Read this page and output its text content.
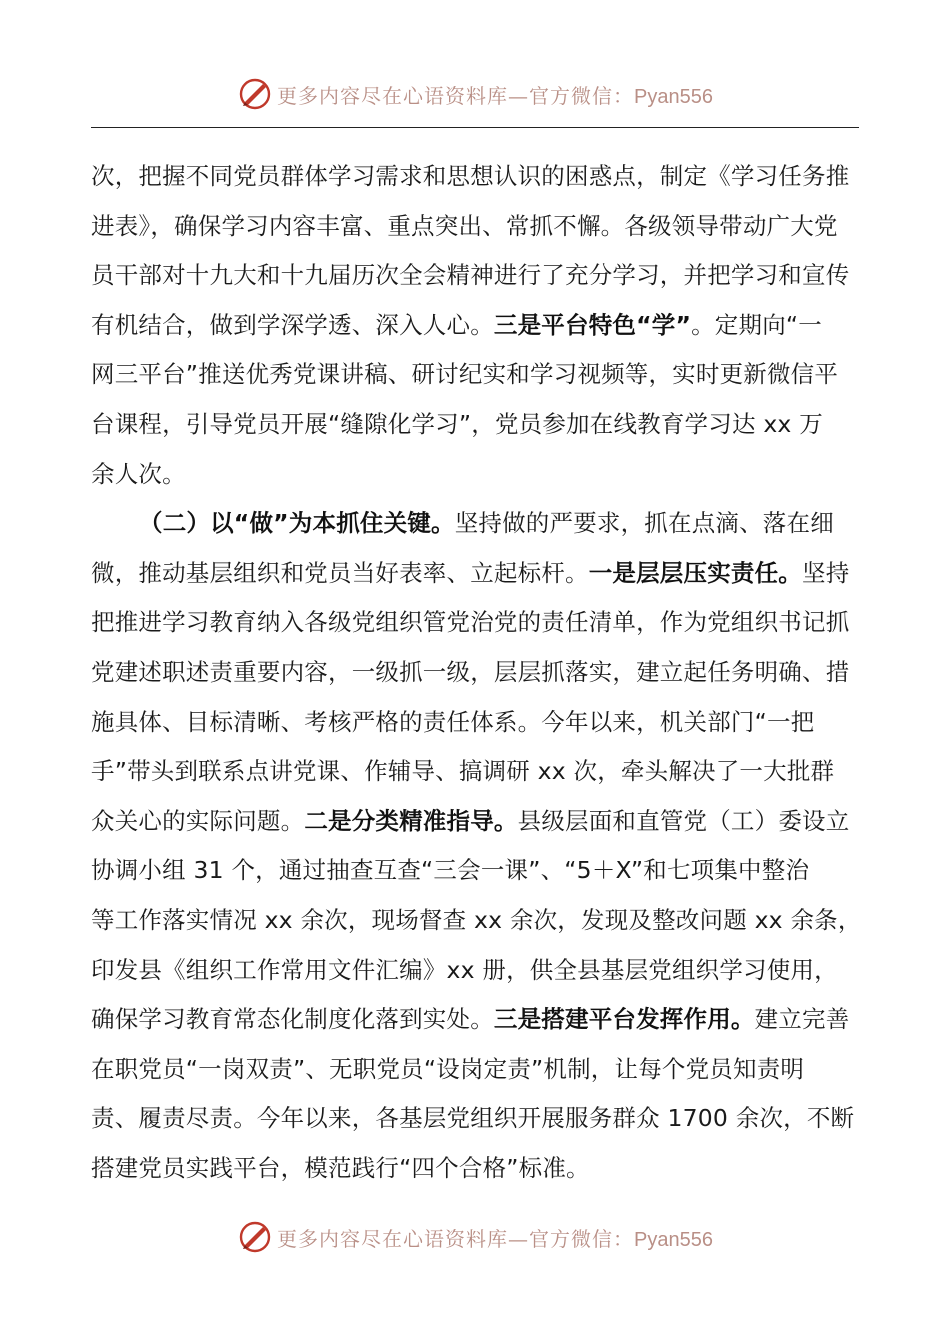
更多内容尽在心语资料库—官方微信：Pyan556
次，把握不同党员群体学习需求和思想认识的困惑点，制定《学习任务推
进表》，确保学习内容丰富、重点突出、常抓不懈。各级领导带动广大党
员干部对十九大和十九届历次全会精神进行了充分学习，并把学习和宣传
有机结合，做到学深学透、深入人心。三是平台特色“学”。定期向“一
网三平台”推送优秀党课讲稿、研讨纪实和学习视频等，实时更新微信平
台课程，引导党员开展“缝隙化学习”，党员参加在线教育学习达 xx 万
余人次。
（二）以“做”为本抓住关键。坚持做的严要求，抓在点滴、落在细
微，推动基层组织和党员当好表率、立起标杆。一是层层压实责任。坚持
把推进学习教育纳入各级党组织管党治党的责任清单，作为党组织书记抓
党建述职述责重要内容，一级抓一级，层层抓落实，建立起任务明确、措
施具体、目标清晰、考核严格的责任体系。今年以来，机关部门“一把
手”带头到联系点讲党课、作辅导、搞调研 xx 次，牵头解决了一大批群
众关心的实际问题。二是分类精准指导。县级层面和直管党（工）委设立
协调小组 31 个，通过抽查互查“三会一课”、“5＋X”和七项集中整治
等工作落实情况 xx 余次，现场督查 xx 余次，发现及整改问题 xx 余条，
印发县《组织工作常用文件汇编》xx 册，供全县基层党组织学习使用，
确保学习教育常态化制度化落到实处。三是搭建平台发挥作用。建立完善
在职党员“一岗双责”、无职党员“设岗定责”机制，让每个党员知责明
责、履责尽责。今年以来，各基层党组织开展服务群众 1700 余次，不断
搭建党员实践平台，模范践行“四个合格”标准。
更多内容尽在心语资料库—官方微信：Pyan556
